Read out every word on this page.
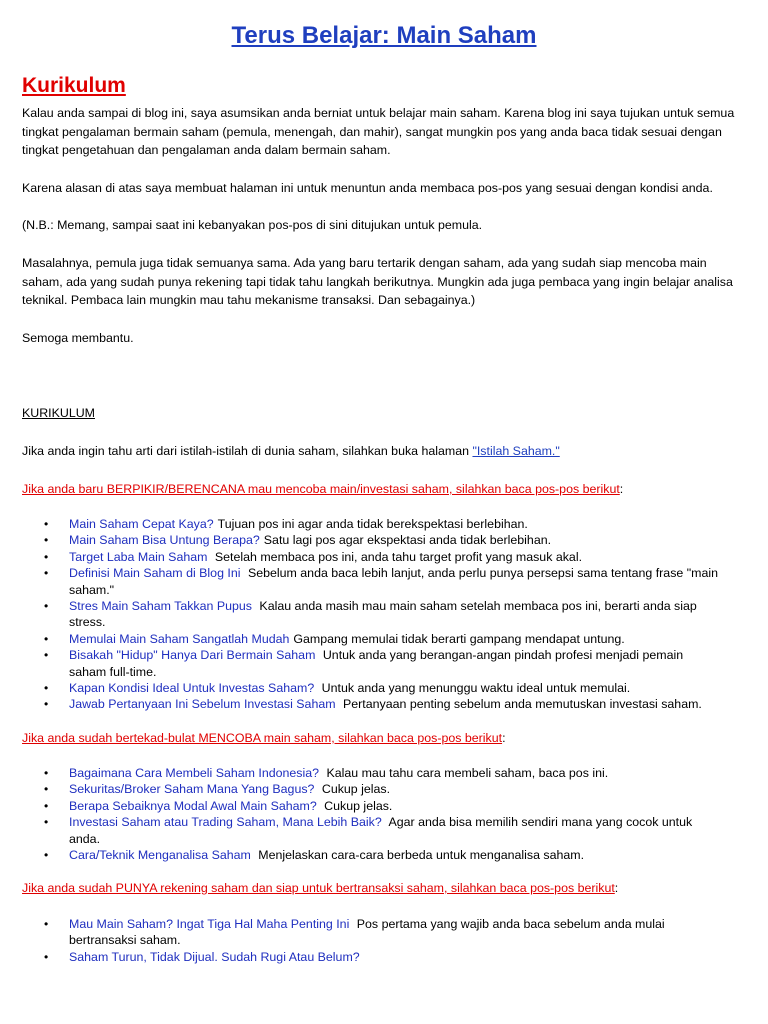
Terus Belajar: Main Saham
Kurikulum

Kalau anda sampai di blog ini, saya asumsikan anda berniat untuk belajar main saham. Karena blog ini saya tujukan untuk semua tingkat pengalaman bermain saham (pemula, menengah, dan mahir), sangat mungkin pos yang anda baca tidak sesuai dengan tingkat pengetahuan dan pengalaman anda dalam bermain saham.

Karena alasan di atas saya membuat halaman ini untuk menuntun anda membaca pos-pos yang sesuai dengan kondisi anda.

(N.B.: Memang, sampai saat ini kebanyakan pos-pos di sini ditujukan untuk pemula.

Masalahnya, pemula juga tidak semuanya sama. Ada yang baru tertarik dengan saham, ada yang sudah siap mencoba main saham, ada yang sudah punya rekening tapi tidak tahu langkah berikutnya. Mungkin ada juga pembaca yang ingin belajar analisa teknikal. Pembaca lain mungkin mau tahu mekanisme transaksi. Dan sebagainya.)

Semoga membantu.

KURIKULUM

Jika anda ingin tahu arti dari istilah-istilah di dunia saham, silahkan buka halaman "Istilah Saham."

Jika anda baru BERPIKIR/BERENCANA mau mencoba main/investasi saham, silahkan baca pos-pos berikut:

• Main Saham Cepat Kaya? Tujuan pos ini agar anda tidak berekspektasi berlebihan.
• Main Saham Bisa Untung Berapa? Satu lagi pos agar ekspektasi anda tidak berlebihan.
• Target Laba Main Saham Setelah membaca pos ini, anda tahu target profit yang masuk akal.
• Definisi Main Saham di Blog Ini Sebelum anda baca lebih lanjut, anda perlu punya persepsi sama tentang frase "main saham."
• Stres Main Saham Takkan Pupus Kalau anda masih mau main saham setelah membaca pos ini, berarti anda siap stress.
• Memulai Main Saham Sangatlah Mudah Gampang memulai tidak berarti gampang mendapat untung.
• Bisakah "Hidup" Hanya Dari Bermain Saham Untuk anda yang berangan-angan pindah profesi menjadi pemain saham full-time.
• Kapan Kondisi Ideal Untuk Investas Saham? Untuk anda yang menunggu waktu ideal untuk memulai.
• Jawab Pertanyaan Ini Sebelum Investasi Saham Pertanyaan penting sebelum anda memutuskan investasi saham.

Jika anda sudah bertekad-bulat MENCOBA main saham, silahkan baca pos-pos berikut:

• Bagaimana Cara Membeli Saham Indonesia? Kalau mau tahu cara membeli saham, baca pos ini.
• Sekuritas/Broker Saham Mana Yang Bagus? Cukup jelas.
• Berapa Sebaiknya Modal Awal Main Saham? Cukup jelas.
• Investasi Saham atau Trading Saham, Mana Lebih Baik? Agar anda bisa memilih sendiri mana yang cocok untuk anda.
• Cara/Teknik Menganalisa Saham Menjelaskan cara-cara berbeda untuk menganalisa saham.

Jika anda sudah PUNYA rekening saham dan siap untuk bertransaksi saham, silahkan baca pos-pos berikut:

• Mau Main Saham? Ingat Tiga Hal Maha Penting Ini Pos pertama yang wajib anda baca sebelum anda mulai bertransaksi saham.
• Saham Turun, Tidak Dijual. Sudah Rugi Atau Belum?
